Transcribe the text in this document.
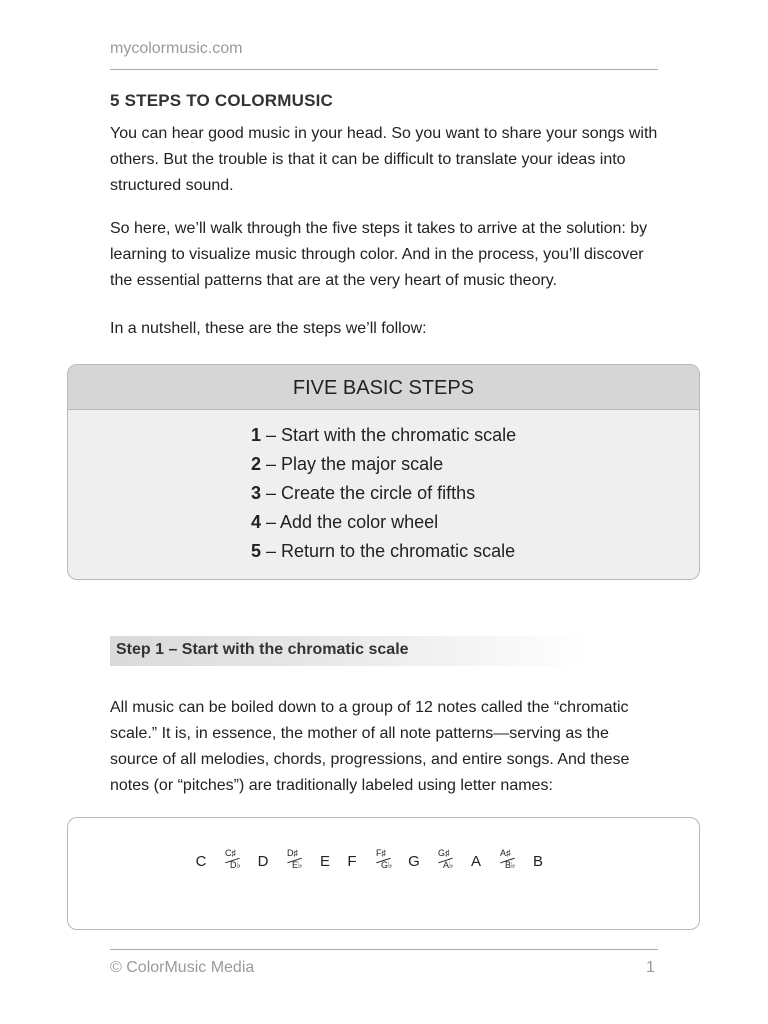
mycolormusic.com
5 STEPS TO COLORMUSIC
You can hear good music in your head. So you want to share your songs with others. But the trouble is that it can be difficult to translate your ideas into structured sound.
So here, we’ll walk through the five steps it takes to arrive at the solution: by learning to visualize music through color. And in the process, you’ll discover the essential patterns that are at the very heart of music theory.
In a nutshell, these are the steps we’ll follow:
FIVE BASIC STEPS
1 – Start with the chromatic scale
2 – Play the major scale
3 – Create the circle of fifths
4 – Add the color wheel
5 – Return to the chromatic scale
Step 1 – Start with the chromatic scale
All music can be boiled down to a group of 12 notes called the “chromatic scale.” It is, in essence, the mother of all note patterns—serving as the source of all melodies, chords, progressions, and entire songs. And these notes (or “pitches”) are traditionally labeled using letter names:
C C♯
D♭ D D♯
E♭ E F F♯
G♭ G G♯
A♭ A A♯
B♭ B
© ColorMusic Media	1
